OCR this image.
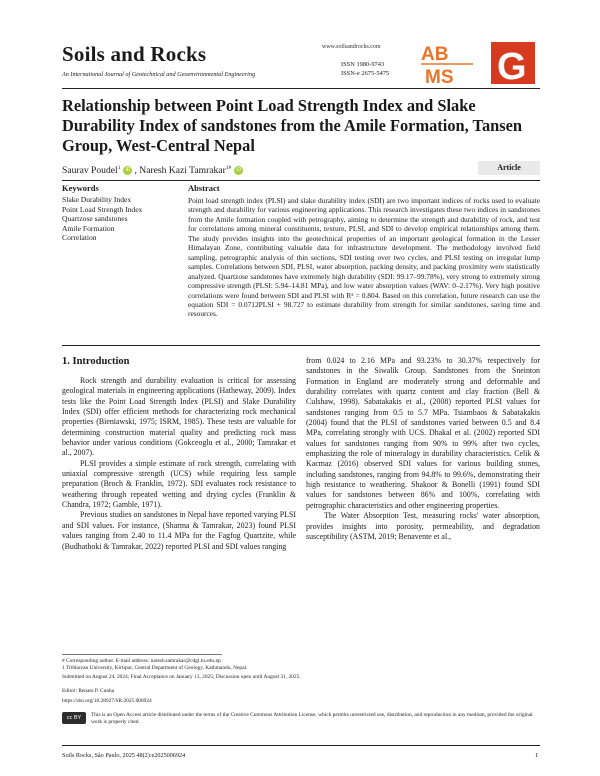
Soils and Rocks
An International Journal of Geotechnical and Geoenvironmental Engineering
www.soilsandrocks.com
ISSN 1980-9743
ISSN-e 2675-5475
AB
MS G
Relationship between Point Load Strength Index and Slake Durability Index of sandstones from the Amile Formation, Tansen Group, West-Central Nepal
Article
Saurav Poudel$^1$ iD , Naresh Kazi Tamrakar$^{1\#}$ iD
Keywords
Slake Durability Index
Point Load Strength Index
Quartzose sandstones
Amile Formation
Correlation
Abstract
Point load strength index (PLSI) and slake durability index (SDI) are two important indices of rocks used to evaluate strength and durability for various engineering applications. This research investigates these two indices in sandstones from the Amile formation coupled with petrography, aiming to determine the strength and durability of rock, and test for correlations among mineral constituents, texture, PLSI, and SDI to develop empirical relationships among them. The study provides insights into the geotechnical properties of an important geological formation in the Lesser Himalayan Zone, contributing valuable data for infrastructure development. The methodology involved field sampling, petrographic analysis of thin sections, SDI testing over two cycles, and PLSI testing on irregular lump samples. Correlations between SDI, PLSI, water absorption, packing density, and packing proximity were statistically analyzed. Quartzose sandstones have extremely high durability (SDI: 99.17–99.78%), very strong to extremely strong compressive strength (PLSI: 5.94–14.81 MPa), and low water absorption values (WAV: 0–2.17%). Very high positive correlations were found between SDI and PLSI with R² = 0.804. Based on this correlation, future research can use the equation SDI = 0.0712PLSI + 98.727 to estimate durability from strength for similar sandstones, saving time and resources.
1. Introduction

Rock strength and durability evaluation is critical for assessing geological materials in engineering applications (Hatheway, 2009). Index tests like the Point Load Strength Index (PLSI) and Slake Durability Index (SDI) offer efficient methods for characterizing rock mechanical properties (Bieniawski, 1975; ISRM, 1985). These tests are valuable for determining construction material quality and predicting rock mass behavior under various conditions (Gokceoglu et al., 2000; Tamrakar et al., 2007).

PLSI provides a simple estimate of rock strength, correlating with uniaxial compressive strength (UCS) while requiring less sample preparation (Broch & Franklin, 1972). SDI evaluates rock resistance to weathering through repeated wetting and drying cycles (Franklin & Chandra, 1972; Gamble, 1971).

Previous studies on sandstones in Nepal have reported varying PLSI and SDI values. For instance, (Sharma & Tamrakar, 2023) found PLSI values ranging from 2.40 to 11.4 MPa for the Fagfog Quartzite, while (Budhathoki & Tamrakar, 2022) reported PLSI and SDI values ranging

from 0.024 to 2.16 MPa and 93.23% to 30.37% respectively for sandstones in the Siwalik Group. Sandstones from the Sneinton Formation in England are moderately strong and deformable and durability correlates with quartz content and clay fraction (Bell & Culshaw, 1998). Sabatakakis et al., (2008) reported PLSI values for sandstones ranging from 0.5 to 5.7 MPa. Tsiambaos & Sabatakakis (2004) found that the PLSI of sandstones varied between 0.5 and 8.4 MPa, correlating strongly with UCS. Dhakal et al. (2002) reported SDI values for sandstones ranging from 90% to 99% after two cycles, emphasizing the role of mineralogy in durability characteristics. Celik & Kacmaz (2016) observed SDI values for various building stones, including sandstones, ranging from 94.8% to 99.6%, demonstrating their high resistance to weathering. Shakoor & Bonelli (1991) found SDI values for sandstones between 86% and 100%, correlating with petrographic characteristics and other engineering properties.

The Water Absorption Test, measuring rocks' water absorption, provides insights into porosity, permeability, and degradation susceptibility (ASTM, 2019; Benavente et al.,

# Corresponding author. E-mail address: naresh.tamrakar@cdgl.tu.edu.np
1 Tribhuvan University, Kirtipur, Central Department of Geology, Kathmandu, Nepal.
Submitted on August 24, 2024; Final Acceptance on January 13, 2025; Discussion open until August 31, 2025.
Editor: Renato P. Cunha
https://doi.org/10.28927/SR.2025.006924
cc BY	This is an Open Access article distributed under the terms of the Creative Commons Attribution License, which permits unrestricted use, distribution, and reproduction in any medium, provided the original work is properly cited.
Soils Rocks, São Paulo, 2025 48(2):e2025006924	1
